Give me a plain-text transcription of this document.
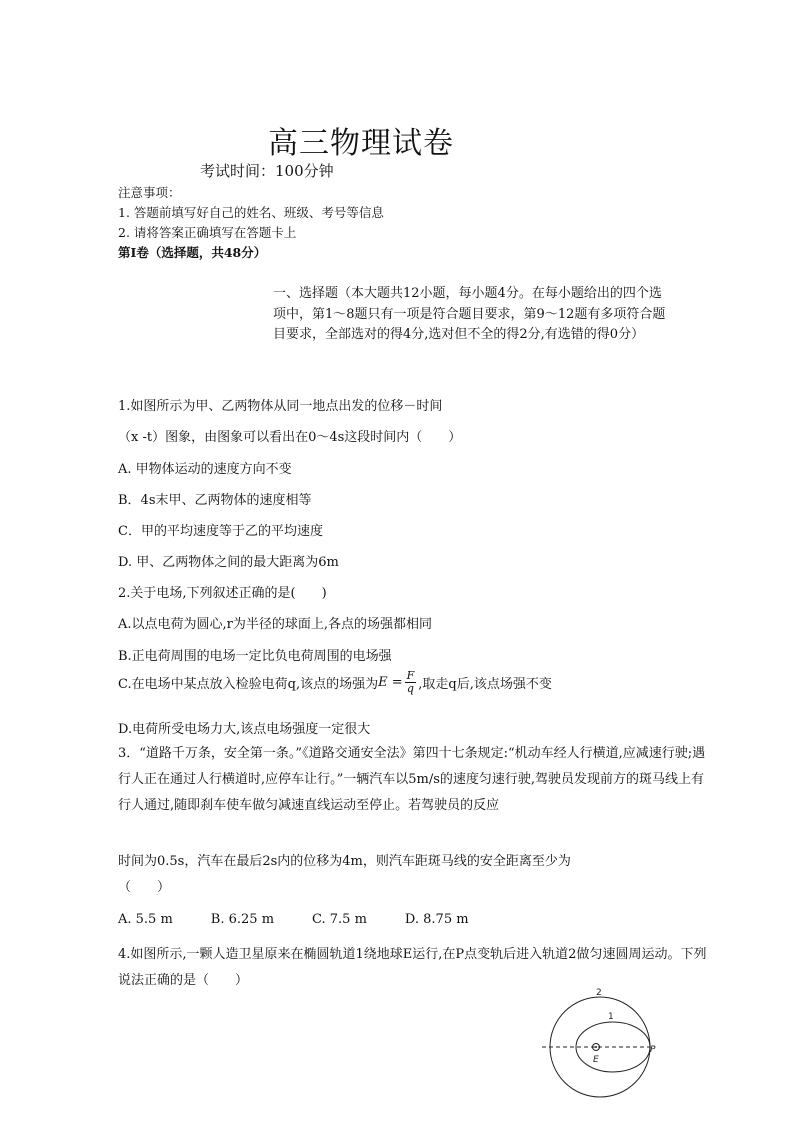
高三物理试卷
考试时间：100分钟
注意事项：
1. 答题前填写好自己的姓名、班级、考号等信息
2. 请将答案正确填写在答题卡上
第Ⅰ卷（选择题，共48分）
一、选择题（本大题共12小题，每小题4分。在每小题给出的四个选项中，第1～8题只有一项是符合题目要求，第9～12题有多项符合题目要求，全部选对的得4分,选对但不全的得2分,有选错的得0分）
1.如图所示为甲、乙两物体从同一地点出发的位移－时间
（x -t）图象，由图象可以看出在0～4s这段时间内（　　）
A. 甲物体运动的速度方向不变
B．4s末甲、乙两物体的速度相等
C．甲的平均速度等于乙的平均速度
D. 甲、乙两物体之间的最大距离为6m
2.关于电场,下列叙述正确的是(　　)
A.以点电荷为圆心,r为半径的球面上,各点的场强都相同
B.正电荷周围的电场一定比负电荷周围的电场强
C.在电场中某点放入检验电荷q,该点的场强为 $E = \frac{F}{q}$ ,取走q后,该点场强不变
D.电荷所受电场力大,该点电场强度一定很大
3．“道路千万条，安全第一条。”《道路交通安全法》第四十七条规定:“机动车经人行横道,应减速行驶;遇行人正在通过人行横道时,应停车让行。”一辆汽车以5m/s的速度匀速行驶,驾驶员发现前方的斑马线上有行人通过,随即刹车使车做匀减速直线运动至停止。若驾驶员的反应
时间为0.5s，汽车在最后2s内的位移为4m，则汽车距斑马线的安全距离至少为
（　　）
A. 5.5 m	B. 6.25 m	C. 7.5 m	D. 8.75 m
4.如图所示,一颗人造卫星原来在椭圆轨道1绕地球E运行,在P点变轨后进入轨道2做匀速圆周运动。下列说法正确的是（　　）
2
1
E
P
